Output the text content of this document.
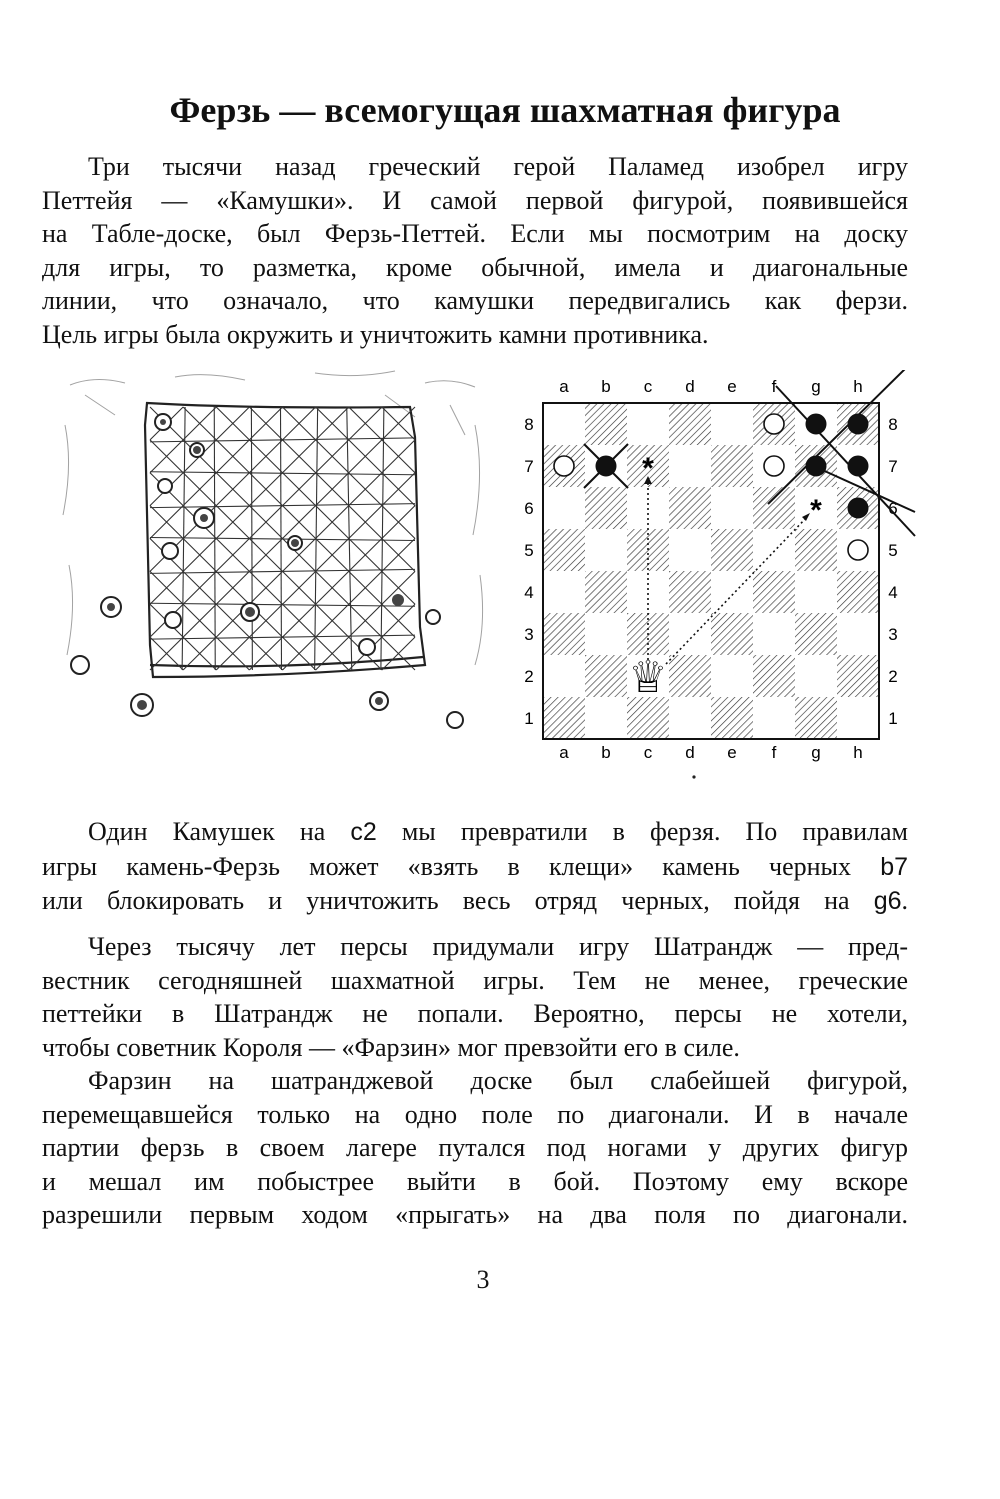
Ферзь — всемогущая шахматная фигура
Три тысячи назад греческий герой Паламед изобрел игру
Петтейя — «Камушки». И самой первой фигурой, появившейся
на Табле-доске, был Ферзь-Петтей. Если мы посмотрим на доску
для игры, то разметка, кроме обычной, имела и диагональные
линии, что означало, что камушки передвигались как ферзи.
Цель игры была окружить и уничтожить камни противника.
a
a
b
b
c
c
d
d
e
e
f
f
g
g
h
h
8	8
7	7
6	6
5	5
4	4
3	3
2	2
1	1
*
*
♕
Один Камушек на c2 мы превратили в ферзя. По правилам
игры камень-Ферзь может «взять в клещи» камень черных b7
или блокировать и уничтожить весь отряд черных, пойдя на g6.
Через тысячу лет персы придумали игру Шатрандж — пред-
вестник сегодняшней шахматной игры. Тем не менее, греческие
петтейки в Шатрандж не попали. Вероятно, персы не хотели,
чтобы советник Короля — «Фарзин» мог превзойти его в силе.
Фарзин на шатранджевой доске был слабейшей фигурой,
перемещавшейся только на одно поле по диагонали. И в начале
партии ферзь в своем лагере путался под ногами у других фигур
и мешал им побыстрее выйти в бой. Поэтому ему вскоре
разрешили первым ходом «прыгать» на два поля по диагонали.
3
